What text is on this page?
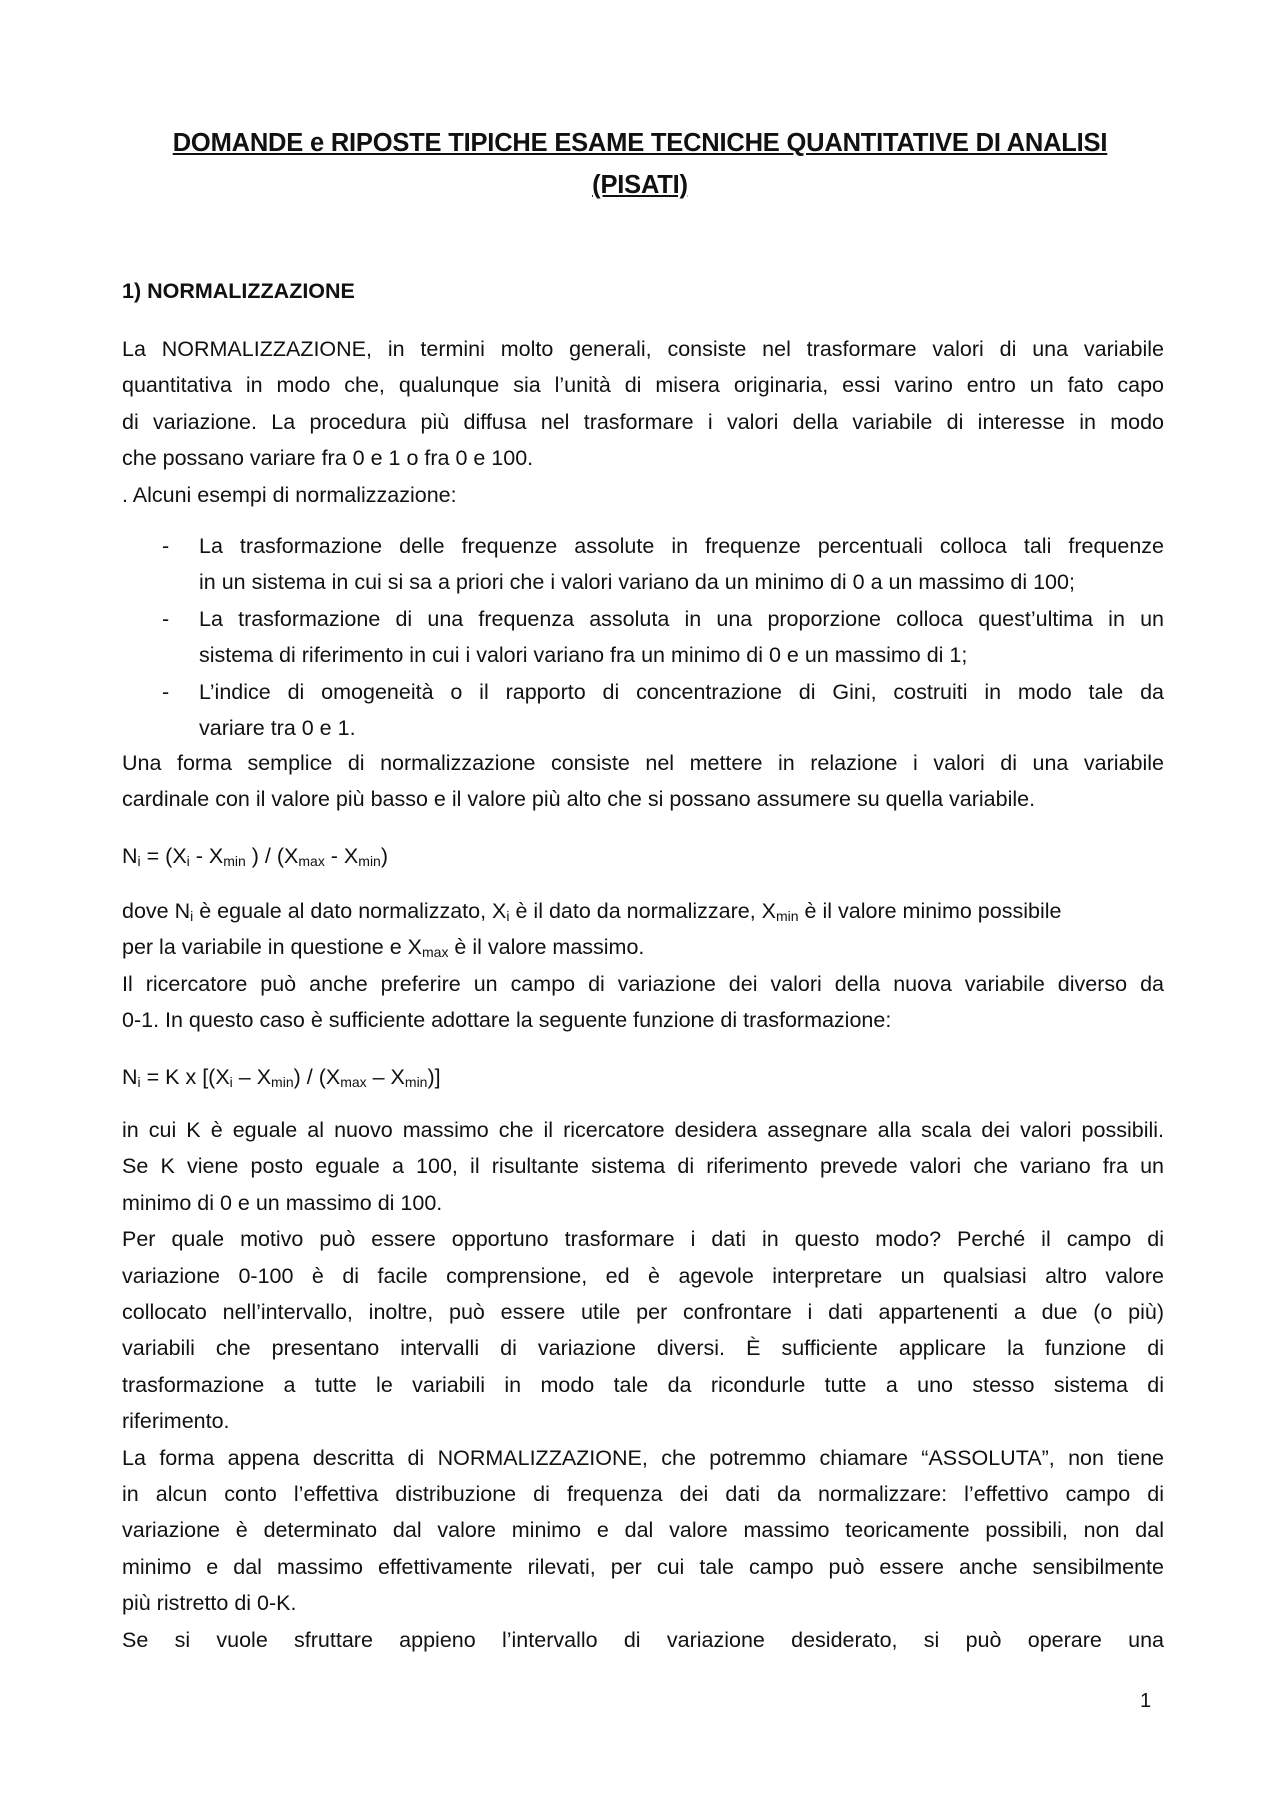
DOMANDE e RIPOSTE TIPICHE ESAME TECNICHE QUANTITATIVE DI ANALISI
(PISATI)
1) NORMALIZZAZIONE
La NORMALIZZAZIONE, in termini molto generali, consiste nel trasformare valori di una variabile
quantitativa in modo che, qualunque sia l’unità di misera originaria, essi varino entro un fato capo
di variazione. La procedura più diffusa nel trasformare i valori della variabile di interesse in modo
che possano variare fra 0 e 1 o fra 0 e 100.
. Alcuni esempi di normalizzazione:
- La trasformazione delle frequenze assolute in frequenze percentuali colloca tali frequenze
in un sistema in cui si sa a priori che i valori variano da un minimo di 0 a un massimo di 100;
- La trasformazione di una frequenza assoluta in una proporzione colloca quest’ultima in un
sistema di riferimento in cui i valori variano fra un minimo di 0 e un massimo di 1;
- L’indice di omogeneità o il rapporto di concentrazione di Gini, costruiti in modo tale da
variare tra 0 e 1.
Una forma semplice di normalizzazione consiste nel mettere in relazione i valori di una variabile
cardinale con il valore più basso e il valore più alto che si possano assumere su quella variabile.
$N_i = (X_i - X_{min}$ ) / $(X_{max} - X_{min})$
dove $N_i$ è eguale al dato normalizzato, $X_i$ è il dato da normalizzare, $X_{min}$ è il valore minimo possibile
per la variabile in questione e $X_{max}$ è il valore massimo.
Il ricercatore può anche preferire un campo di variazione dei valori della nuova variabile diverso da
0-1. In questo caso è sufficiente adottare la seguente funzione di trasformazione:
$N_i = K$ x $[(X_i - X_{min}) / (X_{max} - X_{min})]$
in cui K è eguale al nuovo massimo che il ricercatore desidera assegnare alla scala dei valori possibili.
Se K viene posto eguale a 100, il risultante sistema di riferimento prevede valori che variano fra un
minimo di 0 e un massimo di 100.
Per quale motivo può essere opportuno trasformare i dati in questo modo? Perché il campo di
variazione 0-100 è di facile comprensione, ed è agevole interpretare un qualsiasi altro valore
collocato nell’intervallo, inoltre, può essere utile per confrontare i dati appartenenti a due (o più)
variabili che presentano intervalli di variazione diversi. È sufficiente applicare la funzione di
trasformazione a tutte le variabili in modo tale da ricondurle tutte a uno stesso sistema di
riferimento.
La forma appena descritta di NORMALIZZAZIONE, che potremmo chiamare “ASSOLUTA”, non tiene
in alcun conto l’effettiva distribuzione di frequenza dei dati da normalizzare: l’effettivo campo di
variazione è determinato dal valore minimo e dal valore massimo teoricamente possibili, non dal
minimo e dal massimo effettivamente rilevati, per cui tale campo può essere anche sensibilmente
più ristretto di 0-K.
Se si vuole sfruttare appieno l’intervallo di variazione desiderato, si può operare una
1
